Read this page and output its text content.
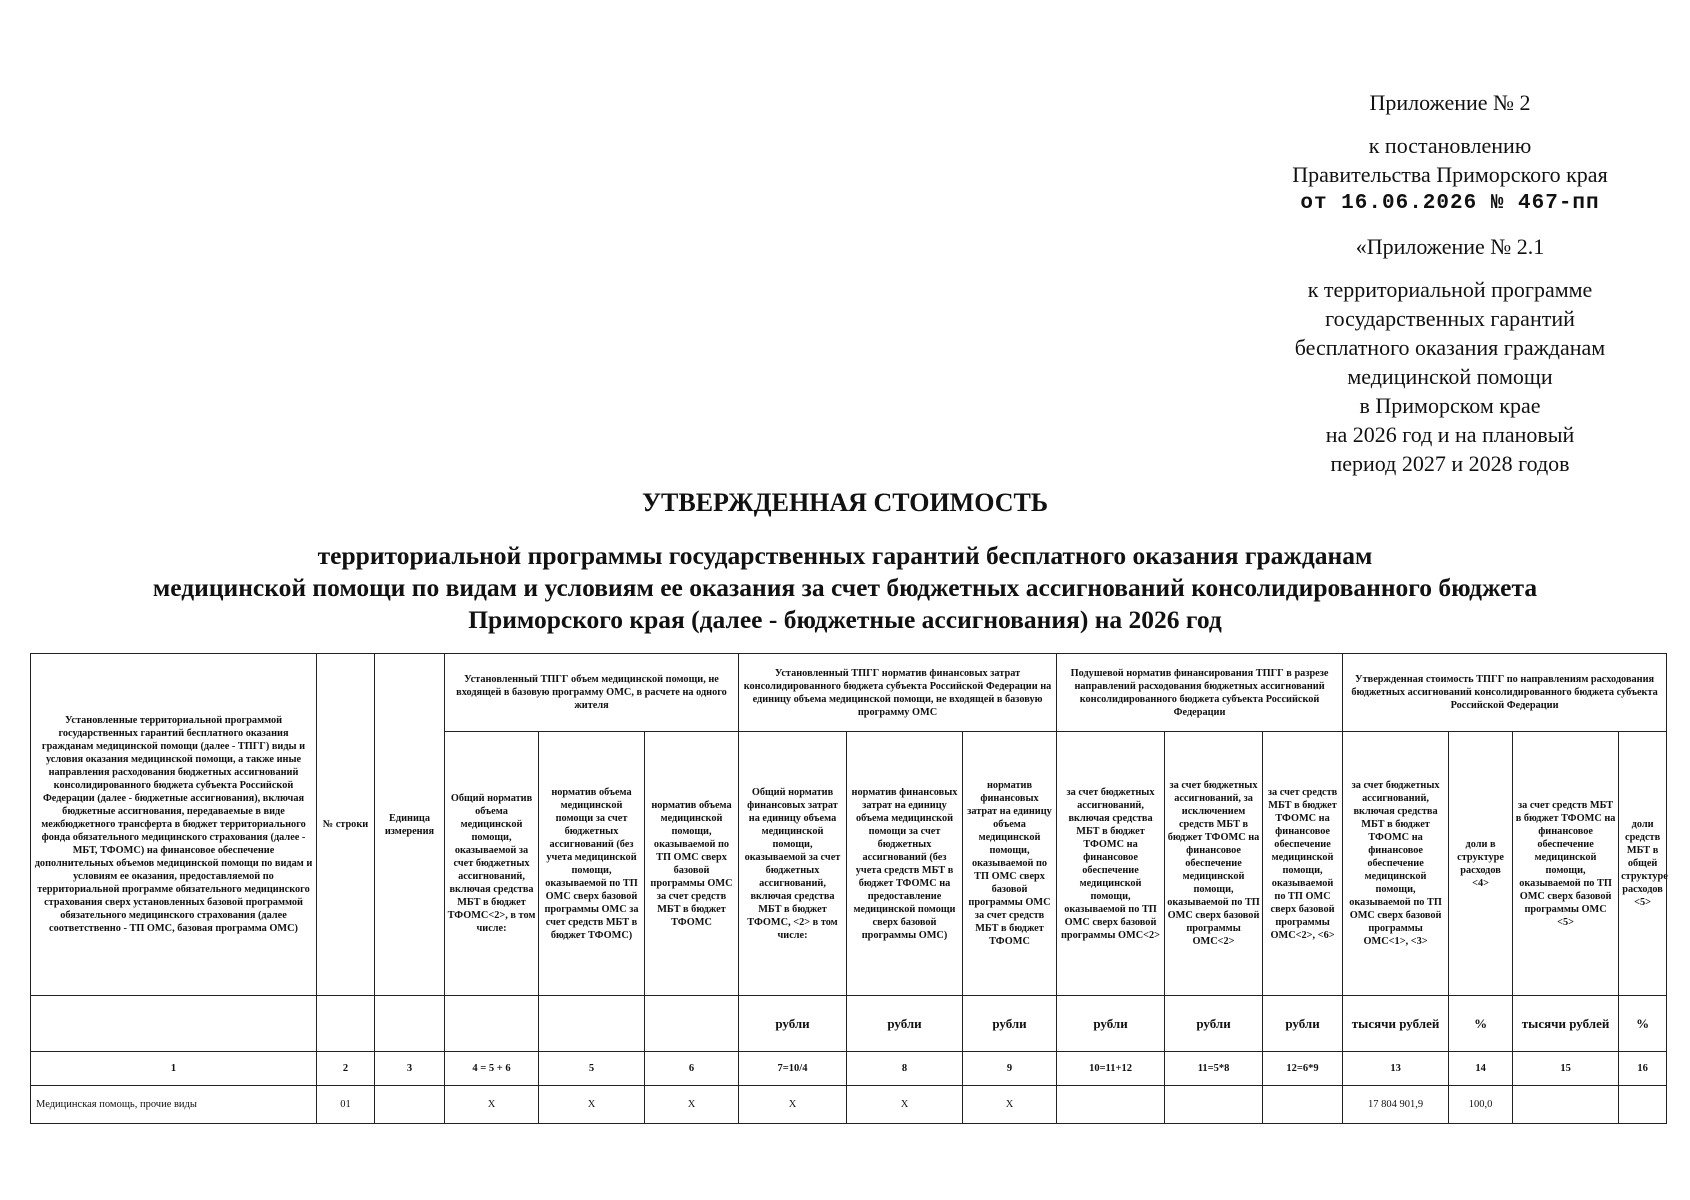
Приложение № 2
к постановлению
Правительства Приморского края
от 16.06.2026 № 467-пп
«Приложение № 2.1
к территориальной программе
государственных гарантий
бесплатного оказания гражданам
медицинской помощи
в Приморском крае
на 2026 год и на плановый
период 2027 и 2028 годов
УТВЕРЖДЕННАЯ СТОИМОСТЬ
территориальной программы государственных гарантий бесплатного оказания гражданам
медицинской помощи по видам и условиям ее оказания за счет бюджетных ассигнований консолидированного бюджета
Приморского края (далее - бюджетные ассигнования) на 2026 год
Установленные территориальной программой государственных гарантий бесплатного оказания гражданам медицинской помощи (далее - ТПГГ) виды и условия оказания медицинской помощи, а также иные направления расходования бюджетных ассигнований консолидированного бюджета субъекта Российской Федерации (далее - бюджетные ассигнования), включая бюджетные ассигнования, передаваемые в виде межбюджетного трансферта в бюджет территориального фонда обязательного медицинского страхования (далее - МБТ, ТФОМС) на финансовое обеспечение дополнительных объемов медицинской помощи по видам и условиям ее оказания, предоставляемой по территориальной программе обязательного медицинского страхования сверх установленных базовой программой обязательного медицинского страхования (далее соответственно - ТП ОМС, базовая программа ОМС)	№ строки	Единица измерения	Установленный ТПГГ объем медицинской помощи, не входящей в базовую программу ОМС, в расчете на одного жителя			Установленный ТПГГ норматив финансовых затрат консолидированного бюджета субъекта Российской Федерации на единицу объема медицинской помощи, не входящей в базовую программу ОМС			Подушевой норматив финансирования ТПГГ в разрезе направлений расходования бюджетных ассигнований консолидированного бюджета субъекта Российской Федерации			Утвержденная стоимость ТПГГ по направлениям расходования бюджетных ассигнований консолидированного бюджета субъекта Российской Федерации			
			Общий норматив объема медицинской помощи, оказываемой за счет бюджетных ассигнований, включая средства МБТ в бюджет ТФОМС<2>, в том числе:	норматив объема медицинской помощи за счет бюджетных ассигнований (без учета медицинской помощи, оказываемой по ТП ОМС сверх базовой программы ОМС за счет средств МБТ в бюджет ТФОМС)	норматив объема медицинской помощи, оказываемой по ТП ОМС сверх базовой программы ОМС за счет средств МБТ в бюджет ТФОМС	Общий норматив финансовых затрат на единицу объема медицинской помощи, оказываемой за счет бюджетных ассигнований, включая средства МБТ в бюджет ТФОМС, <2> в том числе:	норматив финансовых затрат на единицу объема медицинской помощи за счет бюджетных ассигнований (без учета средств МБТ в бюджет ТФОМС на предоставление медицинской помощи сверх базовой программы ОМС)	норматив финансовых затрат на единицу объема медицинской помощи, оказываемой по ТП ОМС сверх базовой программы ОМС за счет средств МБТ в бюджет ТФОМС	за счет бюджетных ассигнований, включая средства МБТ в бюджет ТФОМС на финансовое обеспечение медицинской помощи, оказываемой по ТП ОМС сверх базовой программы ОМС<2>	за счет бюджетных ассигнований, за исключением средств МБТ в бюджет ТФОМС на финансовое обеспечение медицинской помощи, оказываемой по ТП ОМС сверх базовой программы ОМС<2>	за счет средств МБТ в бюджет ТФОМС на финансовое обеспечение медицинской помощи, оказываемой по ТП ОМС сверх базовой программы ОМС<2>, <6>	за счет бюджетных ассигнований, включая средства МБТ в бюджет ТФОМС на финансовое обеспечение медицинской помощи, оказываемой по ТП ОМС сверх базовой программы ОМС<1>, <3>	доли в структуре расходов <4>	за счет средств МБТ в бюджет ТФОМС на финансовое обеспечение медицинской помощи, оказываемой по ТП ОМС сверх базовой программы ОМС <5>	доли средств МБТ в общей структуре расходов <5>
						рубли	рубли	рубли	рубли	рубли	рубли	тысячи рублей	%	тысячи рублей	%
1	2	3	4 = 5 + 6	5	6	7=10/4	8	9	10=11+12	11=5*8	12=6*9	13	14	15	16
Медицинская помощь, прочие виды	01		Х	Х	Х	Х	Х	Х				17 804 901,9	100,0		
